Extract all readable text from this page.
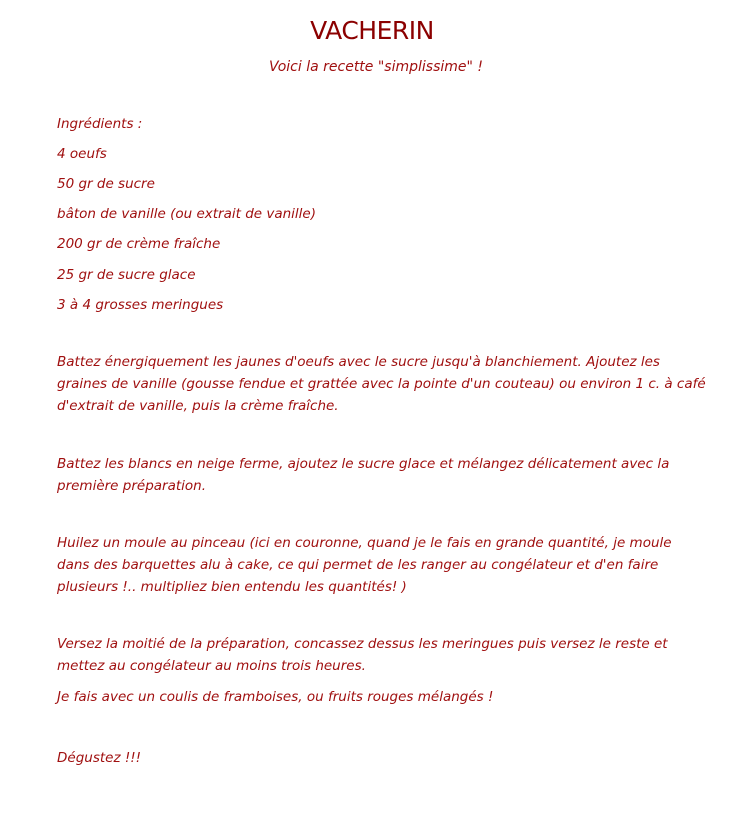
VACHERIN
Voici la recette "simplissime" !
Ingrédients :
4 oeufs
50 gr de sucre
bâton de vanille (ou extrait de vanille)
200 gr de crème fraîche
25 gr de sucre glace
3 à 4 grosses meringues
Battez énergiquement les jaunes d'oeufs avec le sucre jusqu'à blanchiement. Ajoutez les graines de vanille (gousse fendue et grattée avec la pointe d'un couteau) ou environ 1 c. à café d'extrait de vanille, puis la crème fraîche.
Battez les blancs en neige ferme, ajoutez le sucre glace et mélangez délicatement avec la première préparation.
Huilez un moule au pinceau (ici en couronne, quand je le fais en grande quantité, je moule dans des barquettes alu à cake, ce qui permet de les ranger au congélateur et d'en faire plusieurs !.. multipliez bien entendu les quantités! )
Versez la moitié de la préparation, concassez dessus les meringues puis versez le reste et mettez au congélateur au moins trois heures.
Je fais avec un coulis de framboises, ou fruits rouges mélangés !
Dégustez !!!
